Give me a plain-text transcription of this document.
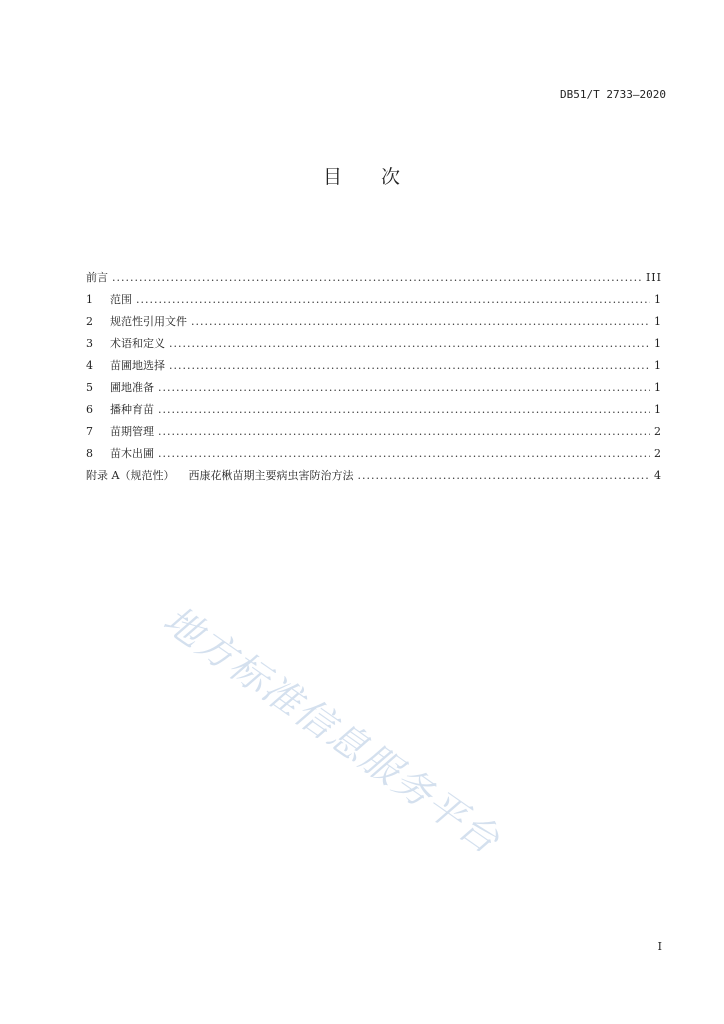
DB51/T 2733—2020
目 次
前言 .....	III
1	范围 .....	1
2	规范性引用文件 .....	1
3	术语和定义 .....	1
4	苗圃地选择 .....	1
5	圃地准备 .....	1
6	播种育苗 .....	1
7	苗期管理 .....	2
8	苗木出圃 .....	2
附录 A（规范性） 西康花楸苗期主要病虫害防治方法 .....	4
地方标准信息服务平台
I
